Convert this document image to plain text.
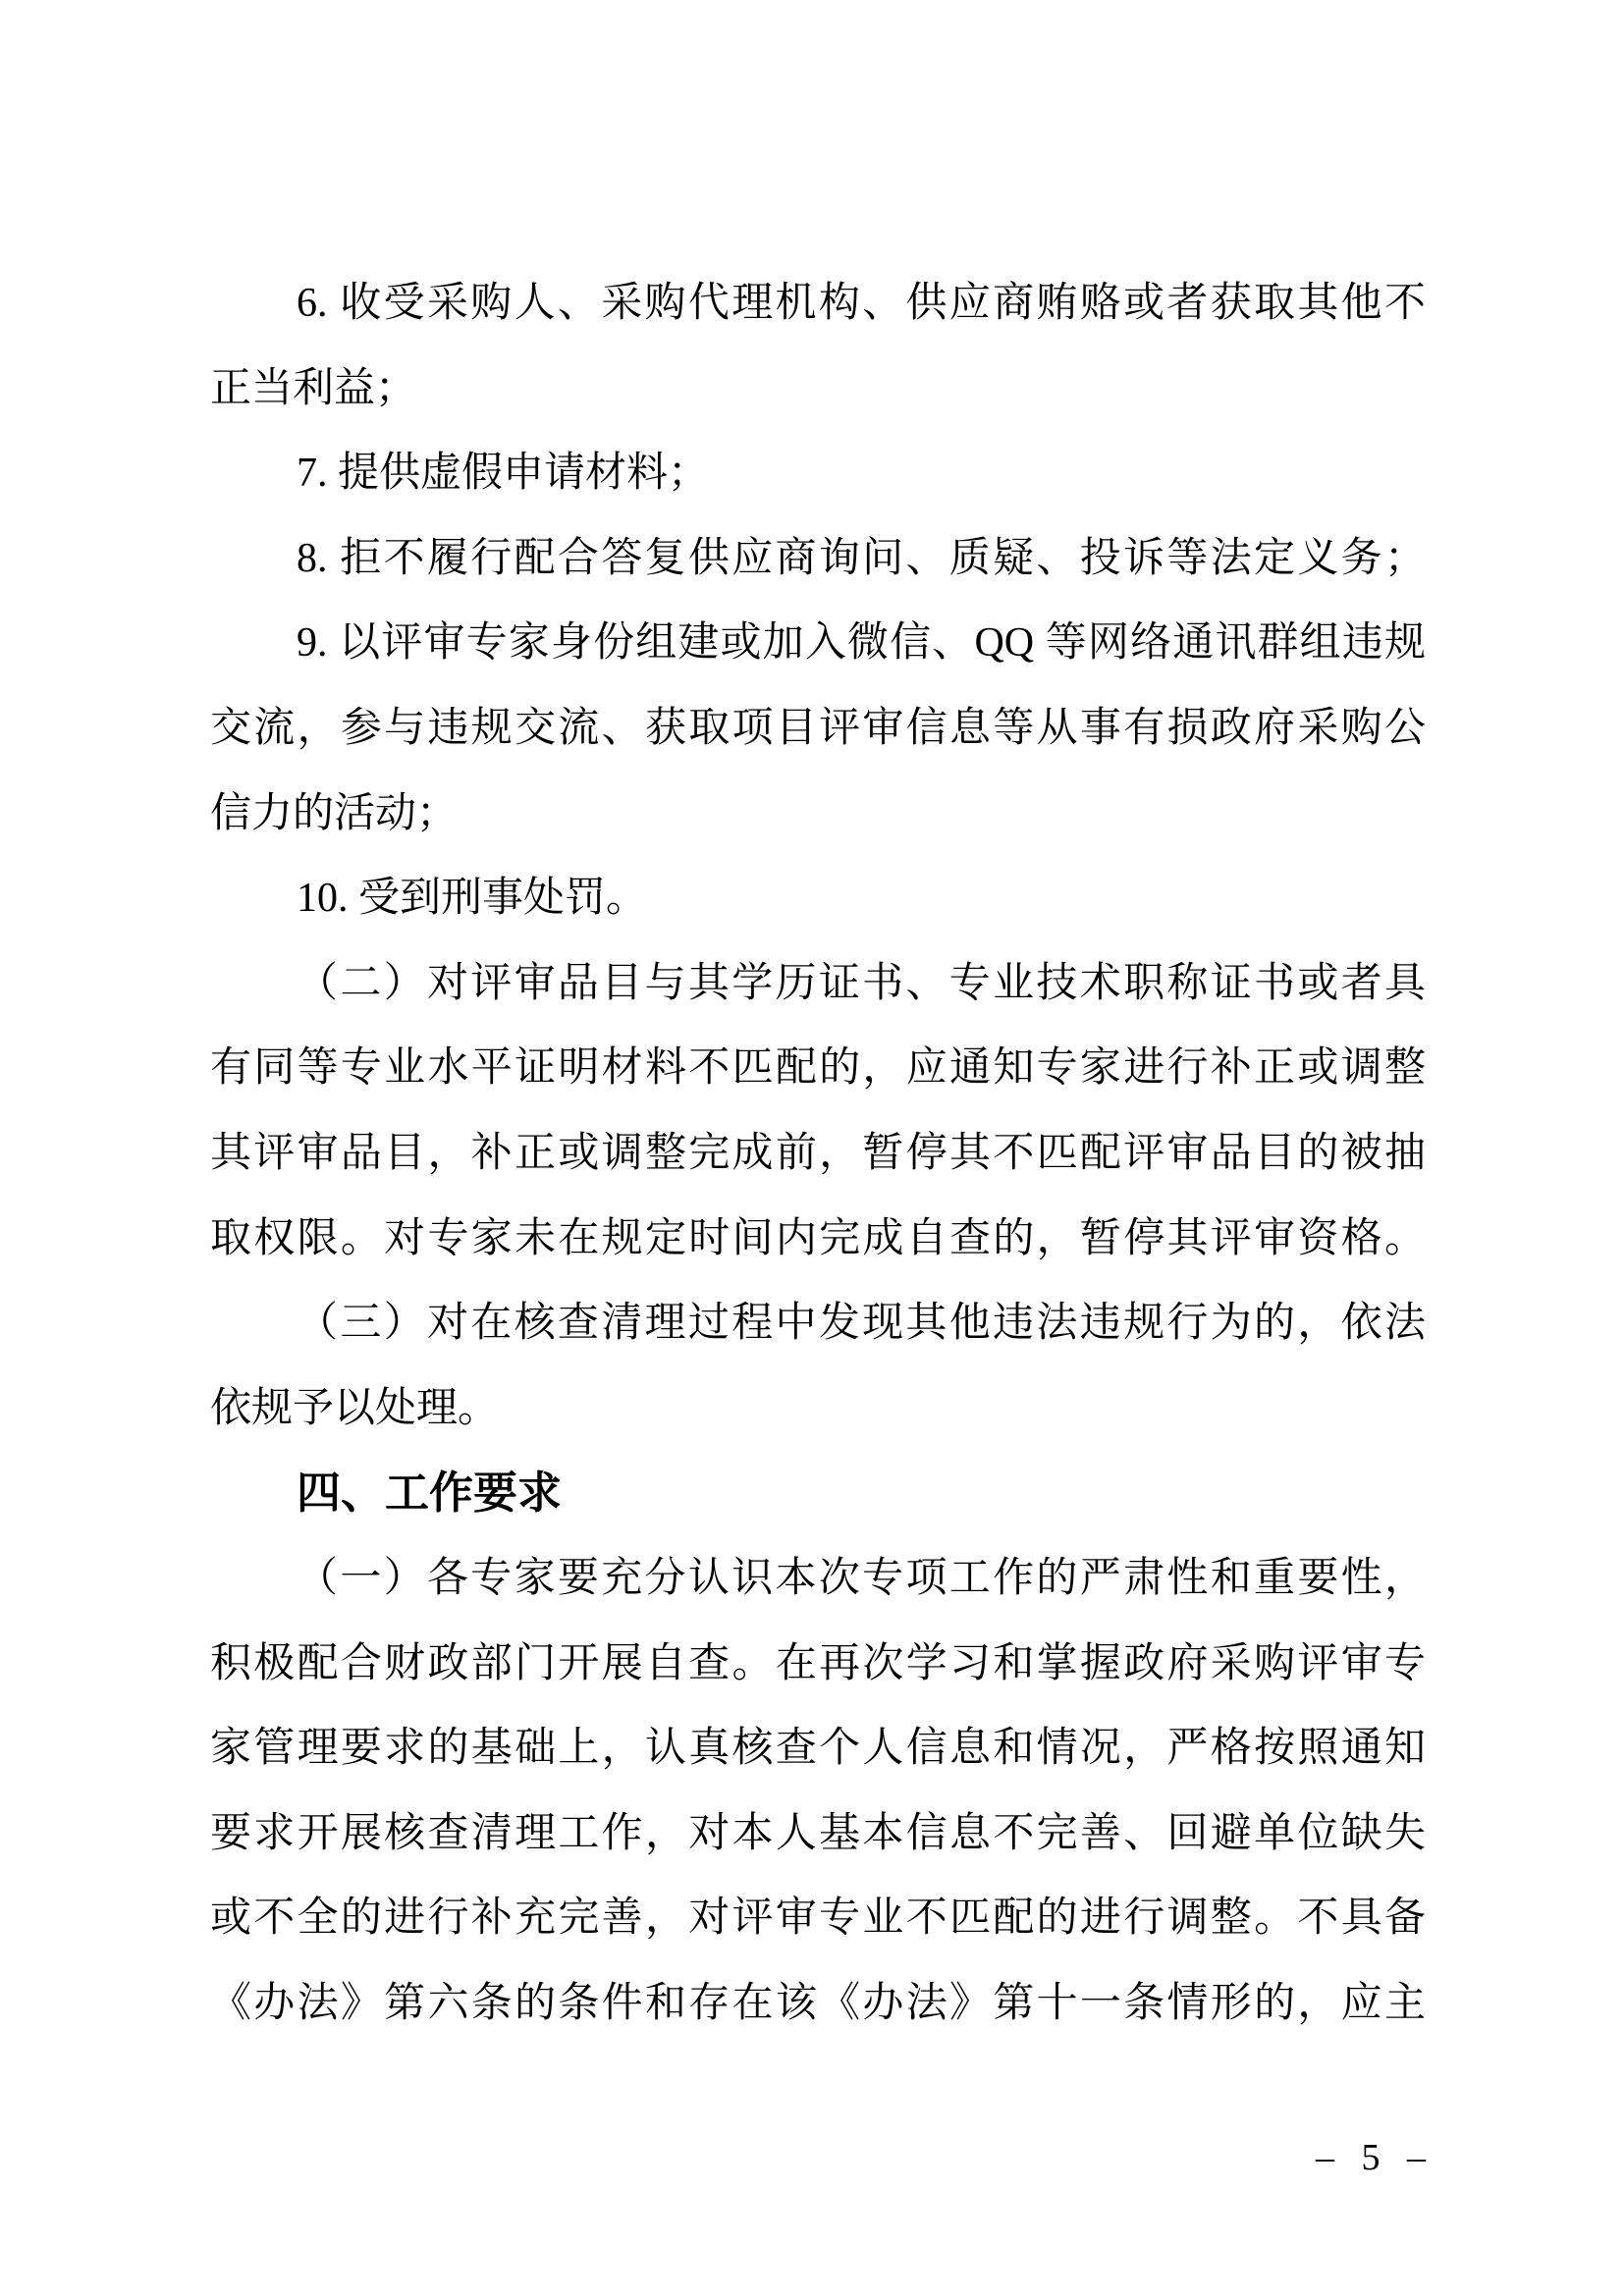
6. 收受采购人、采购代理机构、供应商贿赂或者获取其他不
正当利益；
7. 提供虚假申请材料；
8. 拒不履行配合答复供应商询问、质疑、投诉等法定义务；
9. 以评审专家身份组建或加入微信、QQ 等网络通讯群组违规
交流，参与违规交流、获取项目评审信息等从事有损政府采购公
信力的活动；
10. 受到刑事处罚。
（二）对评审品目与其学历证书、专业技术职称证书或者具
有同等专业水平证明材料不匹配的，应通知专家进行补正或调整
其评审品目，补正或调整完成前，暂停其不匹配评审品目的被抽
取权限。对专家未在规定时间内完成自查的，暂停其评审资格。
（三）对在核查清理过程中发现其他违法违规行为的，依法
依规予以处理。
四、工作要求
（一）各专家要充分认识本次专项工作的严肃性和重要性，
积极配合财政部门开展自查。在再次学习和掌握政府采购评审专
家管理要求的基础上，认真核查个人信息和情况，严格按照通知
要求开展核查清理工作，对本人基本信息不完善、回避单位缺失
或不全的进行补充完善，对评审专业不匹配的进行调整。不具备
《办法》第六条的条件和存在该《办法》第十一条情形的，应主
– 5 –
